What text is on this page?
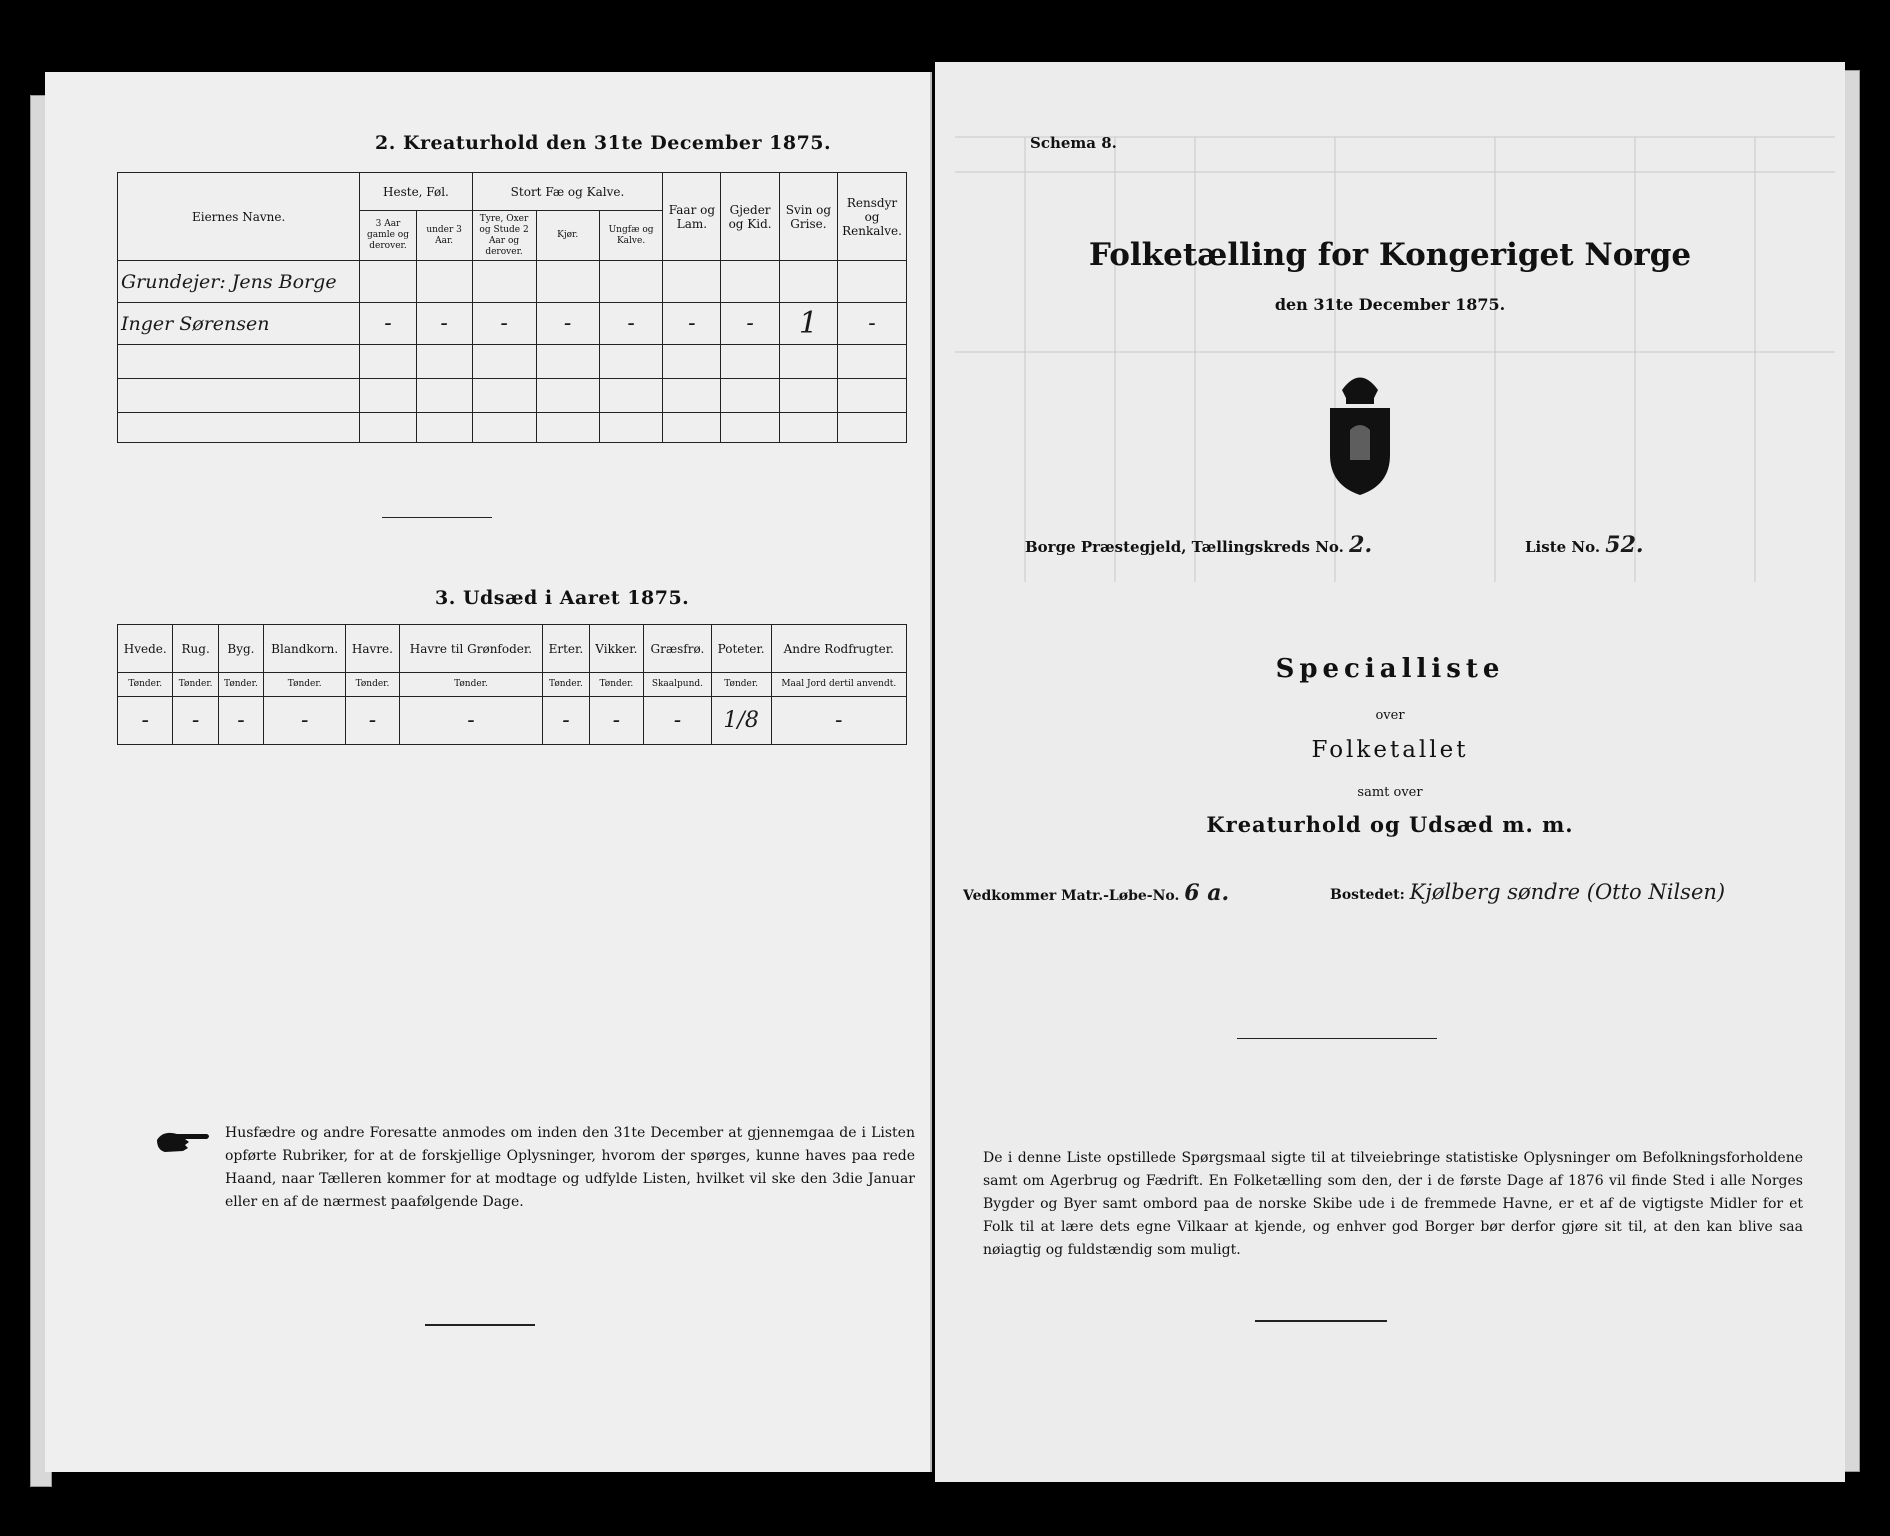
2. Kreaturhold den 31te December 1875.
Eiernes Navne.	Heste, Føl.		Stort Fæ og Kalve.			Faar og Lam.	Gjeder og Kid.	Svin og Grise.	Rensdyr og Renkalve.
	3 Aar gamle og derover.	under 3 Aar.	Tyre, Oxer og Stude 2 Aar og derover.	Kjør.	Ungfæ og Kalve.				
Grundejer: Jens Borge									
Inger Sørensen	-	-	-	-	-	-	-	1	-

3. Udsæd i Aaret 1875.
Hvede.	Rug.	Byg.	Blandkorn.	Havre.	Havre til Grønfoder.	Erter.	Vikker.	Græsfrø.	Poteter.	Andre Rodfrugter.
Tønder.	Tønder.	Tønder.	Tønder.	Tønder.	Tønder.	Tønder.	Tønder.	Skaalpund.	Tønder.	Maal Jord dertil anvendt.
-	-	-	-	-	-	-	-	-	1/8	-
Husfædre og andre Foresatte anmodes om inden den 31te December at gjennemgaa de i Listen opførte Rubriker, for at de forskjellige Oplysninger, hvorom der spørges, kunne haves paa rede Haand, naar Tælleren kommer for at modtage og udfylde Listen, hvilket vil ske den 3die Januar eller en af de nærmest paafølgende Dage.
Schema 8.
Folketælling for Kongeriget Norge
den 31te December 1875.
Borge Præstegjeld, Tællingskreds No. 2.	Liste No. 52.
Specialliste
over
Folketallet
samt over
Kreaturhold og Udsæd m. m.
Vedkommer Matr.-Løbe-No. 6 a.	Bostedet: Kjølberg søndre (Otto Nilsen)
De i denne Liste opstillede Spørgsmaal sigte til at tilveiebringe statistiske Oplysninger om Befolkningsforholdene samt om Agerbrug og Fædrift. En Folketælling som den, der i de første Dage af 1876 vil finde Sted i alle Norges Bygder og Byer samt ombord paa de norske Skibe ude i de fremmede Havne, er et af de vigtigste Midler for et Folk til at lære dets egne Vilkaar at kjende, og enhver god Borger bør derfor gjøre sit til, at den kan blive saa nøiagtig og fuldstændig som muligt.
